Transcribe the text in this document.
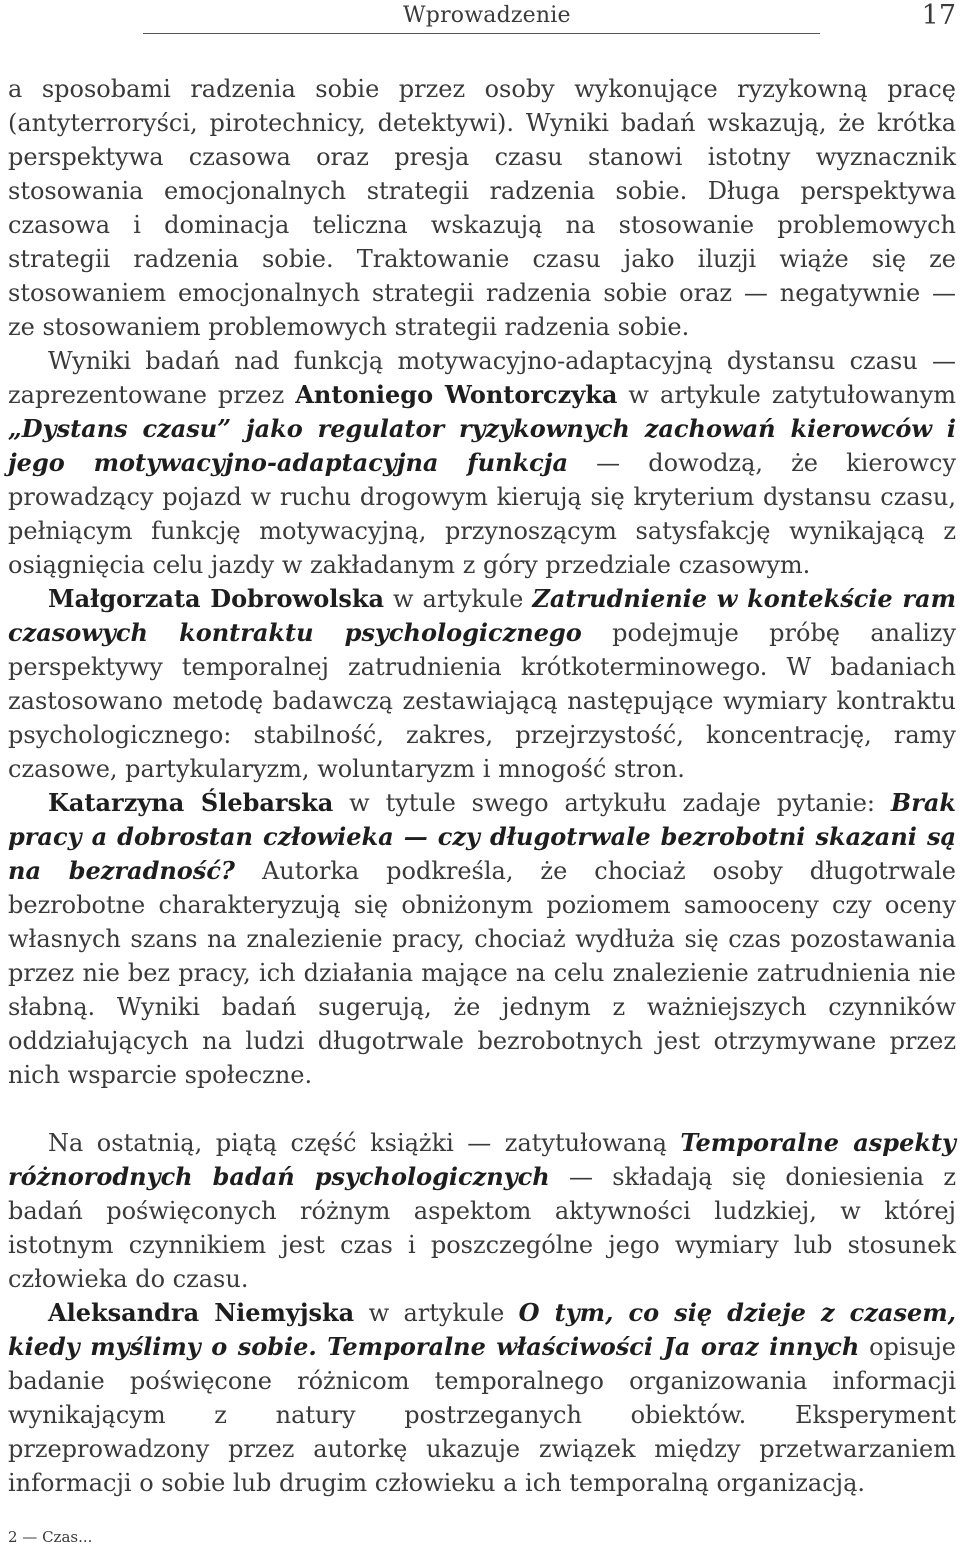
Wprowadzenie	17

a sposobami radzenia sobie przez osoby wykonujące ryzykowną pracę (antyterroryści, pirotechnicy, detektywi). Wyniki badań wskazują, że krótka perspektywa czasowa oraz presja czasu stanowi istotny wyznacznik stosowania emocjonalnych strategii radzenia sobie. Długa perspektywa czasowa i dominacja teliczna wskazują na stosowanie problemowych strategii radzenia sobie. Traktowanie czasu jako iluzji wiąże się ze stosowaniem emocjonalnych strategii radzenia sobie oraz — negatywnie — ze stosowaniem problemowych strategii radzenia sobie.

Wyniki badań nad funkcją motywacyjno-adaptacyjną dystansu czasu — zaprezentowane przez Antoniego Wontorczyka w artykule zatytułowanym „Dystans czasu” jako regulator ryzykownych zachowań kierowców i jego motywacyjno-adaptacyjna funkcja — dowodzą, że kierowcy prowadzący pojazd w ruchu drogowym kierują się kryterium dystansu czasu, pełniącym funkcję motywacyjną, przynoszącym satysfakcję wynikającą z osiągnięcia celu jazdy w zakładanym z góry przedziale czasowym.

Małgorzata Dobrowolska w artykule Zatrudnienie w kontekście ram czasowych kontraktu psychologicznego podejmuje próbę analizy perspektywy temporalnej zatrudnienia krótkoterminowego. W badaniach zastosowano metodę badawczą zestawiającą następujące wymiary kontraktu psychologicznego: stabilność, zakres, przejrzystość, koncentrację, ramy czasowe, partykularyzm, woluntaryzm i mnogość stron.

Katarzyna Ślebarska w tytule swego artykułu zadaje pytanie: Brak pracy a dobrostan człowieka — czy długotrwale bezrobotni skazani są na bezradność? Autorka podkreśla, że chociaż osoby długotrwale bezrobotne charakteryzują się obniżonym poziomem samooceny czy oceny własnych szans na znalezienie pracy, chociaż wydłuża się czas pozostawania przez nie bez pracy, ich działania mające na celu znalezienie zatrudnienia nie słabną. Wyniki badań sugerują, że jednym z ważniejszych czynników oddziałujących na ludzi długotrwale bezrobotnych jest otrzymywane przez nich wsparcie społeczne.

Na ostatnią, piątą część książki — zatytułowaną Temporalne aspekty różnorodnych badań psychologicznych — składają się doniesienia z badań poświęconych różnym aspektom aktywności ludzkiej, w której istotnym czynnikiem jest czas i poszczególne jego wymiary lub stosunek człowieka do czasu.

Aleksandra Niemyjska w artykule O tym, co się dzieje z czasem, kiedy myślimy o sobie. Temporalne właściwości Ja oraz innych opisuje badanie poświęcone różnicom temporalnego organizowania informacji wynikającym z natury postrzeganych obiektów. Eksperyment przeprowadzony przez autorkę ukazuje związek między przetwarzaniem informacji o sobie lub drugim człowieku a ich temporalną organizacją.

2 — Czas...
